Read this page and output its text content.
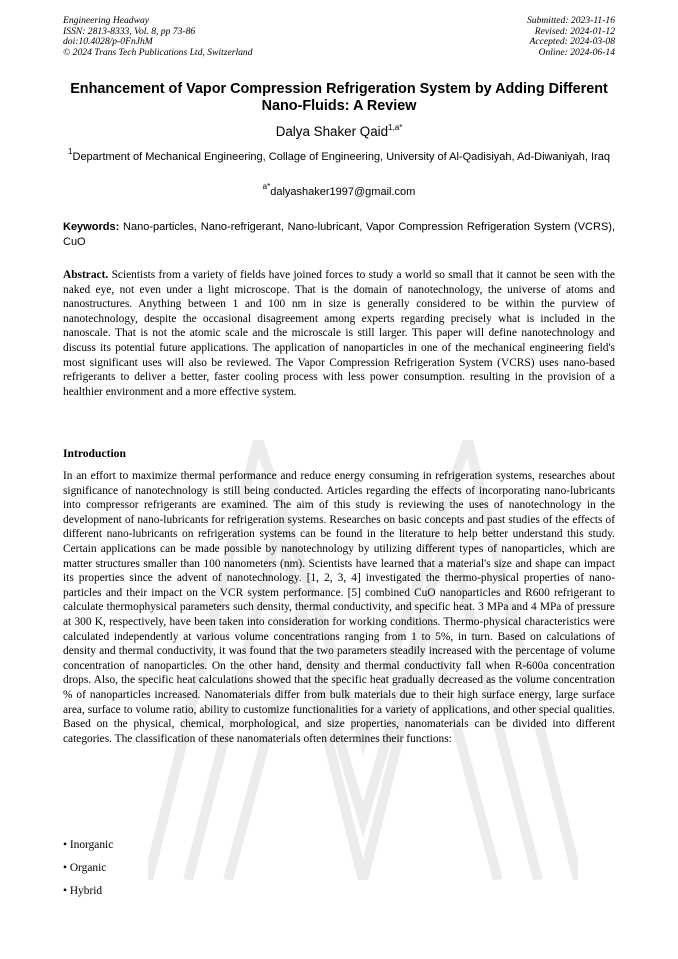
Engineering Headway
ISSN: 2813-8333, Vol. 8, pp 73-86
doi:10.4028/p-0FnJhM
© 2024 Trans Tech Publications Ltd, Switzerland
Submitted: 2023-11-16
Revised: 2024-01-12
Accepted: 2024-03-08
Online: 2024-06-14
Enhancement of Vapor Compression Refrigeration System by Adding Different Nano-Fluids: A Review
Dalya Shaker Qaid$^{1,a*}$
$^1$Department of Mechanical Engineering, Collage of Engineering, University of Al-Qadisiyah, Ad-Diwaniyah, Iraq
$^{a*}$dalyashaker1997@gmail.com
Keywords: Nano-particles, Nano-refrigerant, Nano-lubricant, Vapor Compression Refrigeration System (VCRS), CuO

Abstract. Scientists from a variety of fields have joined forces to study a world so small that it cannot be seen with the naked eye, not even under a light microscope. That is the domain of nanotechnology, the universe of atoms and nanostructures. Anything between 1 and 100 nm in size is generally considered to be within the purview of nanotechnology, despite the occasional disagreement among experts regarding precisely what is included in the nanoscale. That is not the atomic scale and the microscale is still larger. This paper will define nanotechnology and discuss its potential future applications. The application of nanoparticles in one of the mechanical engineering field's most significant uses will also be reviewed. The Vapor Compression Refrigeration System (VCRS) uses nano-based refrigerants to deliver a better, faster cooling process with less power consumption. resulting in the provision of a healthier environment and a more effective system.

Introduction

In an effort to maximize thermal performance and reduce energy consuming in refrigeration systems, researches about significance of nanotechnology is still being conducted. Articles regarding the effects of incorporating nano-lubricants into compressor refrigerants are examined. The aim of this study is reviewing the uses of nanotechnology in the development of nano-lubricants for refrigeration systems. Researches on basic concepts and past studies of the effects of different nano-lubricants on refrigeration systems can be found in the literature to help better understand this study. Certain applications can be made possible by nanotechnology by utilizing different types of nanoparticles, which are matter structures smaller than 100 nanometers (nm). Scientists have learned that a material's size and shape can impact its properties since the advent of nanotechnology. [1, 2, 3, 4] investigated the thermo-physical properties of nano-particles and their impact on the VCR system performance. [5] combined CuO nanoparticles and R600 refrigerant to calculate thermophysical parameters such density, thermal conductivity, and specific heat. 3 MPa and 4 MPa of pressure at 300 K, respectively, have been taken into consideration for working conditions. Thermo-physical characteristics were calculated independently at various volume concentrations ranging from 1 to 5%, in turn. Based on calculations of density and thermal conductivity, it was found that the two parameters steadily increased with the percentage of volume concentration of nanoparticles. On the other hand, density and thermal conductivity fall when R-600a concentration drops. Also, the specific heat calculations showed that the specific heat gradually decreased as the volume concentration % of nanoparticles increased. Nanomaterials differ from bulk materials due to their high surface energy, large surface area, surface to volume ratio, ability to customize functionalities for a variety of applications, and other special qualities. Based on the physical, chemical, morphological, and size properties, nanomaterials can be divided into different categories. The classification of these nanomaterials often determines their functions:

• Inorganic
• Organic
• Hybrid
